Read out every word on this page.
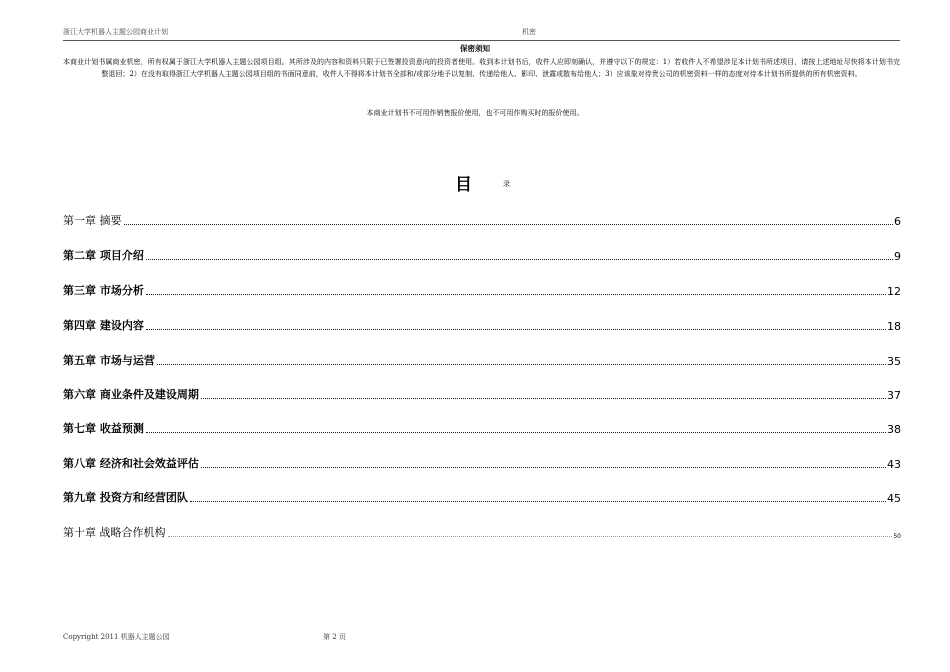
浙江大学机器人主题公园商业计划	机密
保密须知
本商业计划书属商业机密，所有权属于浙江大学机器人主题公园项目组。其所涉及的内容和资料只限于已签署投资意向的投资者使用。收到本计划书后，收件人应即刻确认，并遵守以下的规定：1）若收件人不希望涉足本计划书所述项目，请按上述地址尽快将本计划书完整退回；2）在没有取得浙江大学机器人主题公园项目组的书面同意前，收件人不得将本计划书全部和/或部分地予以复制、传递给他人、影印、泄露或散布给他人；3）应该象对待贵公司的机密资料一样的态度对待本计划书所提供的所有机密资料。
本商业计划书不可用作销售报价使用，也不可用作购买时的报价使用。
目	录
第一章 摘要	6
第二章 项目介绍	9
第三章 市场分析	12
第四章 建设内容	18
第五章 市场与运营	35
第六章 商业条件及建设周期	37
第七章 收益预测	38
第八章 经济和社会效益评估	43
第九章 投资方和经营团队	45
第十章 战略合作机构	50
Copyright 2011 机器人主题公园	第 2 页
